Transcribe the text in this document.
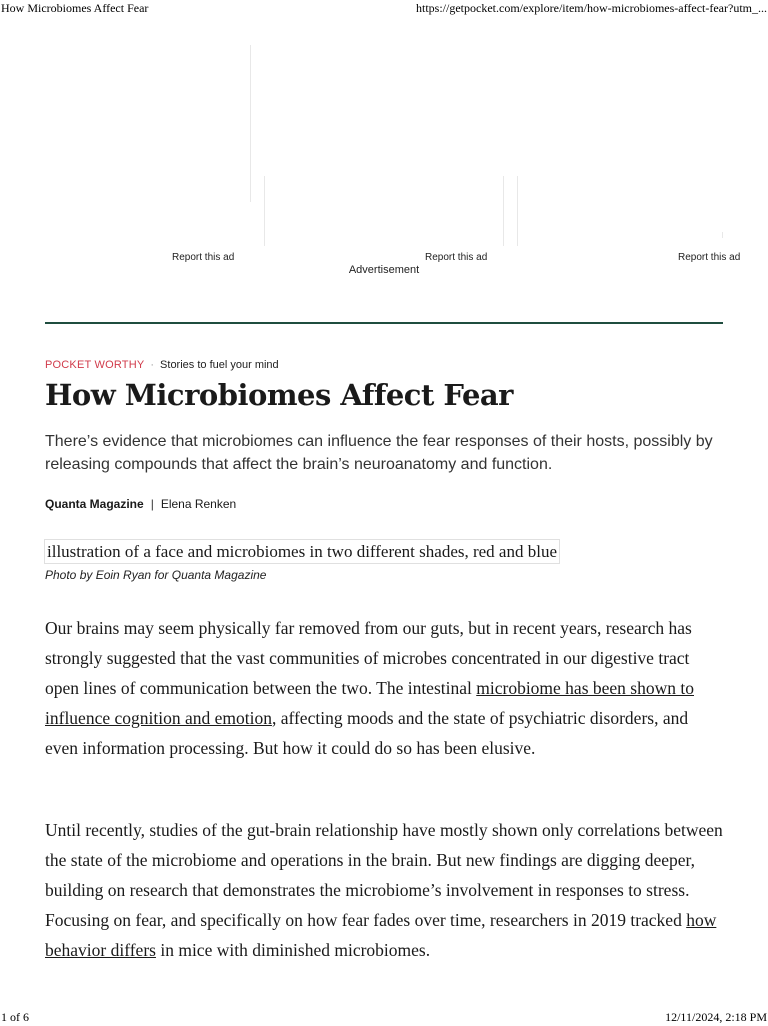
How Microbiomes Affect Fear	https://getpocket.com/explore/item/how-microbiomes-affect-fear?utm_...
Report this ad	Report this ad	Report this ad
Advertisement
POCKET WORTHY · Stories to fuel your mind
How Microbiomes Affect Fear

There’s evidence that microbiomes can influence the fear responses of their hosts, possibly by releasing compounds that affect the brain’s neuroanatomy and function.

Quanta Magazine | Elena Renken
illustration of a face and microbiomes in two different shades, red and blue
Photo by Eoin Ryan for Quanta Magazine

Our brains may seem physically far removed from our guts, but in recent years, research has strongly suggested that the vast communities of microbes concentrated in our digestive tract open lines of communication between the two. The intestinal microbiome has been shown to influence cognition and emotion, affecting moods and the state of psychiatric disorders, and even information processing. But how it could do so has been elusive.

Until recently, studies of the gut-brain relationship have mostly shown only correlations between the state of the microbiome and operations in the brain. But new findings are digging deeper, building on research that demonstrates the microbiome’s involvement in responses to stress. Focusing on fear, and specifically on how fear fades over time, researchers in 2019 tracked how behavior differs in mice with diminished microbiomes.

1 of 6	12/11/2024, 2:18 PM
